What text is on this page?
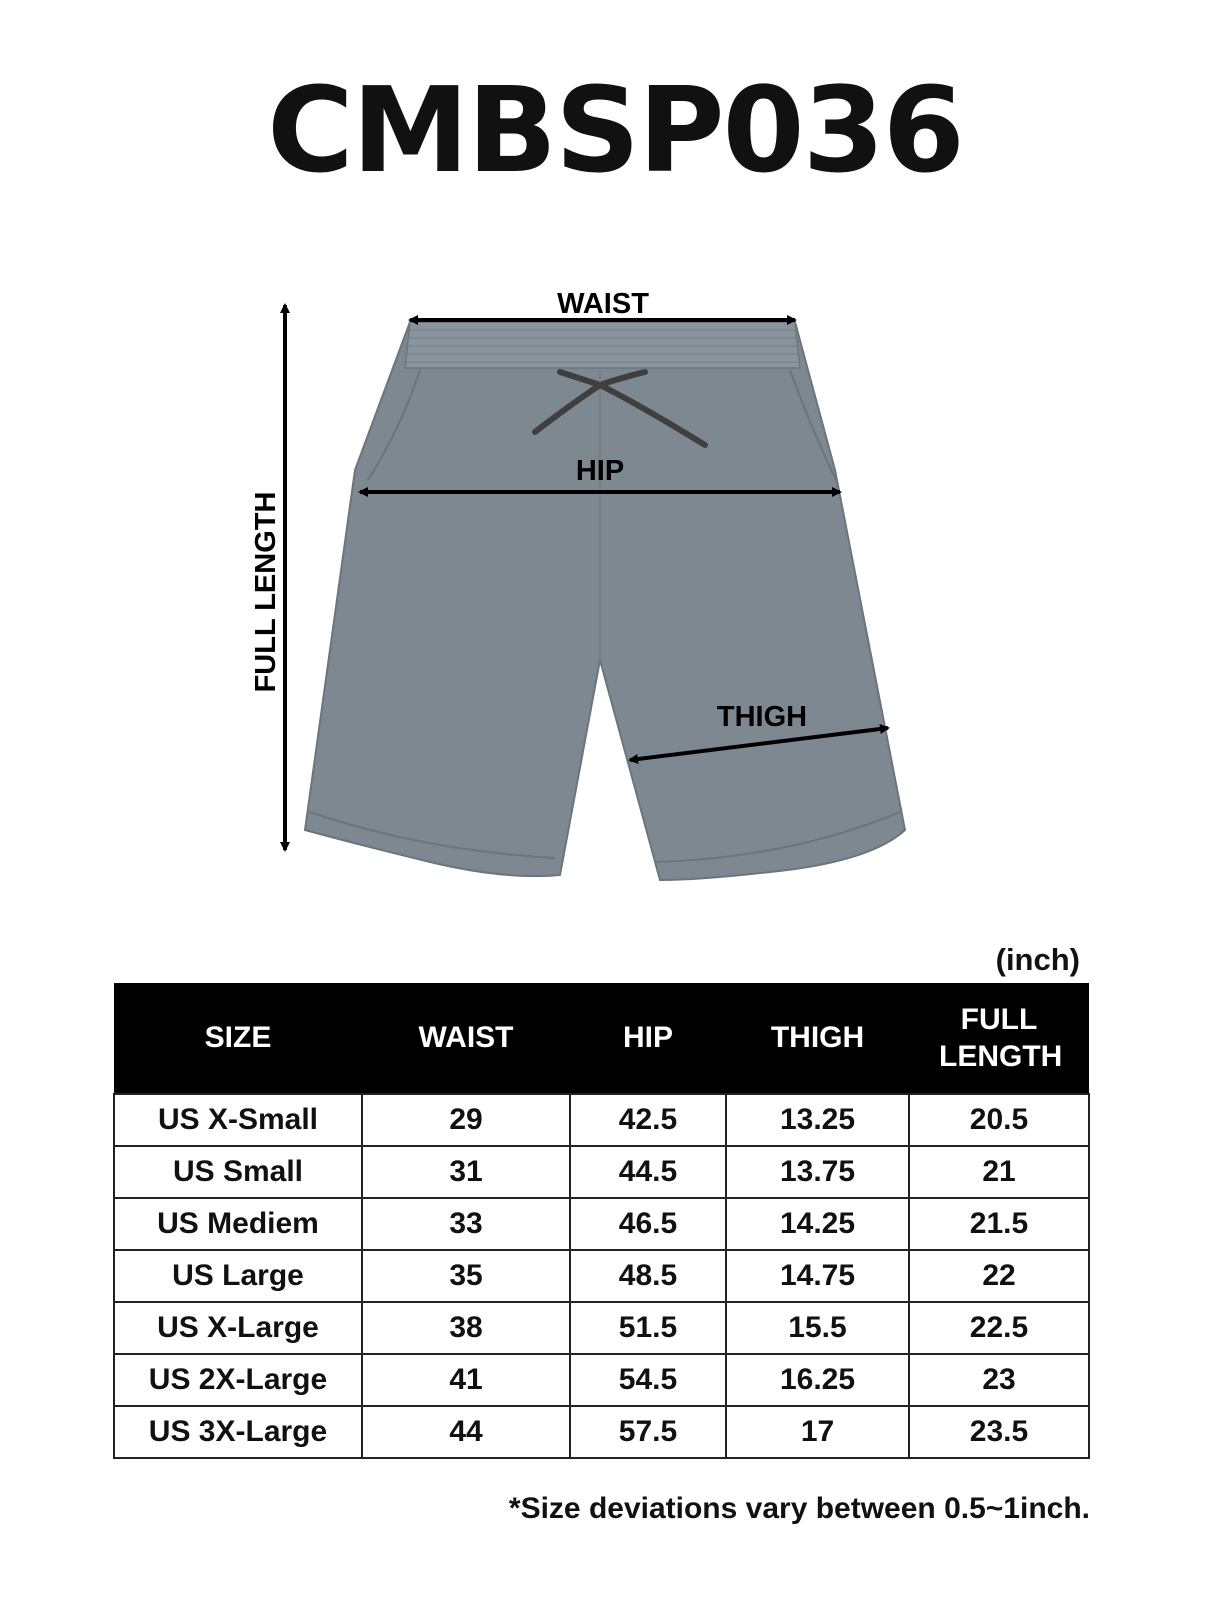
CMBSP036
WAIST
HIP
THIGH
FULL LENGTH
(inch)
SIZE	WAIST	HIP	THIGH	FULL LENGTH
US X-Small	29	42.5	13.25	20.5
US Small	31	44.5	13.75	21
US Mediem	33	46.5	14.25	21.5
US Large	35	48.5	14.75	22
US X-Large	38	51.5	15.5	22.5
US 2X-Large	41	54.5	16.25	23
US 3X-Large	44	57.5	17	23.5
*Size deviations vary between 0.5~1inch.
